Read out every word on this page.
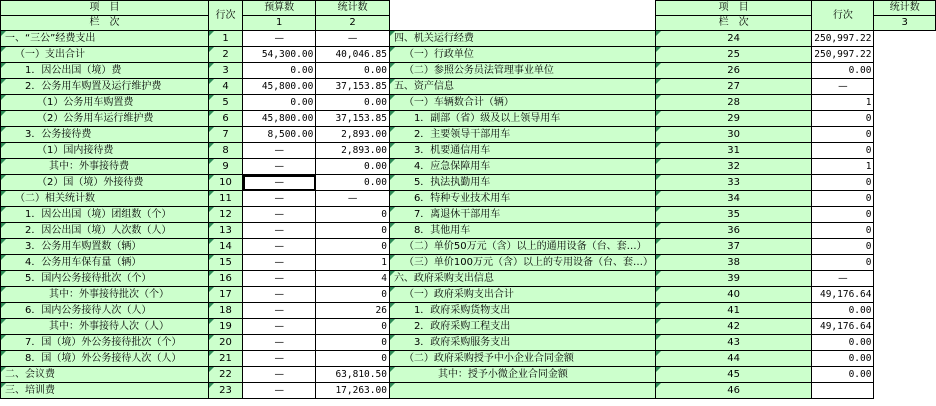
项　目	行次	预算数	统计数		项　目	行次	统计数
栏　次		1	2		栏　次		3
一、“三公”经费支出	1	—	—	四、机关运行经费	24	250,997.22	
（一）支出合计	2	54,300.00	40,046.85	（一）行政单位	25	250,997.22	
1．因公出国（境）费	3	0.00	0.00	（二）参照公务员法管理事业单位	26	0.00	
2．公务用车购置及运行维护费	4	45,800.00	37,153.85	五、资产信息	27	—	
（1）公务用车购置费	5	0.00	0.00	（一）车辆数合计（辆）	28	1	
（2）公务用车运行维护费	6	45,800.00	37,153.85	1．副部（省）级及以上领导用车	29	0	
3．公务接待费	7	8,500.00	2,893.00	2．主要领导干部用车	30	0	
（1）国内接待费	8	—	2,893.00	3．机要通信用车	31	0	
其中：外事接待费	9	—	0.00	4．应急保障用车	32	1	
（2）国（境）外接待费	10	—	0.00	5．执法执勤用车	33	0	
（二）相关统计数	11	—	—	6．特种专业技术用车	34	0	
1．因公出国（境）团组数（个）	12	—	0	7．离退休干部用车	35	0	
2．因公出国（境）人次数（人）	13	—	0	8．其他用车	36	0	
3．公务用车购置数（辆）	14	—	0	（二）单价50万元（含）以上的通用设备（台、套…）	37	0	
4．公务用车保有量（辆）	15	—	1	（三）单价100万元（含）以上的专用设备（台、套…）	38	0	
5．国内公务接待批次（个）	16	—	4	六、政府采购支出信息	39	—	
其中：外事接待批次（个）	17	—	0	（一）政府采购支出合计	40	49,176.64	
6．国内公务接待人次（人）	18	—	26	1．政府采购货物支出	41	0.00	
其中：外事接待人次（人）	19	—	0	2．政府采购工程支出	42	49,176.64	
7．国（境）外公务接待批次（个）	20	—	0	3．政府采购服务支出	43	0.00	
8．国（境）外公务接待人次（人）	21	—	0	（二）政府采购授予中小企业合同金额	44	0.00	
二、会议费	22	—	63,810.50	其中：授予小微企业合同金额	45	0.00	
三、培训费	23	—	17,263.00		46		
